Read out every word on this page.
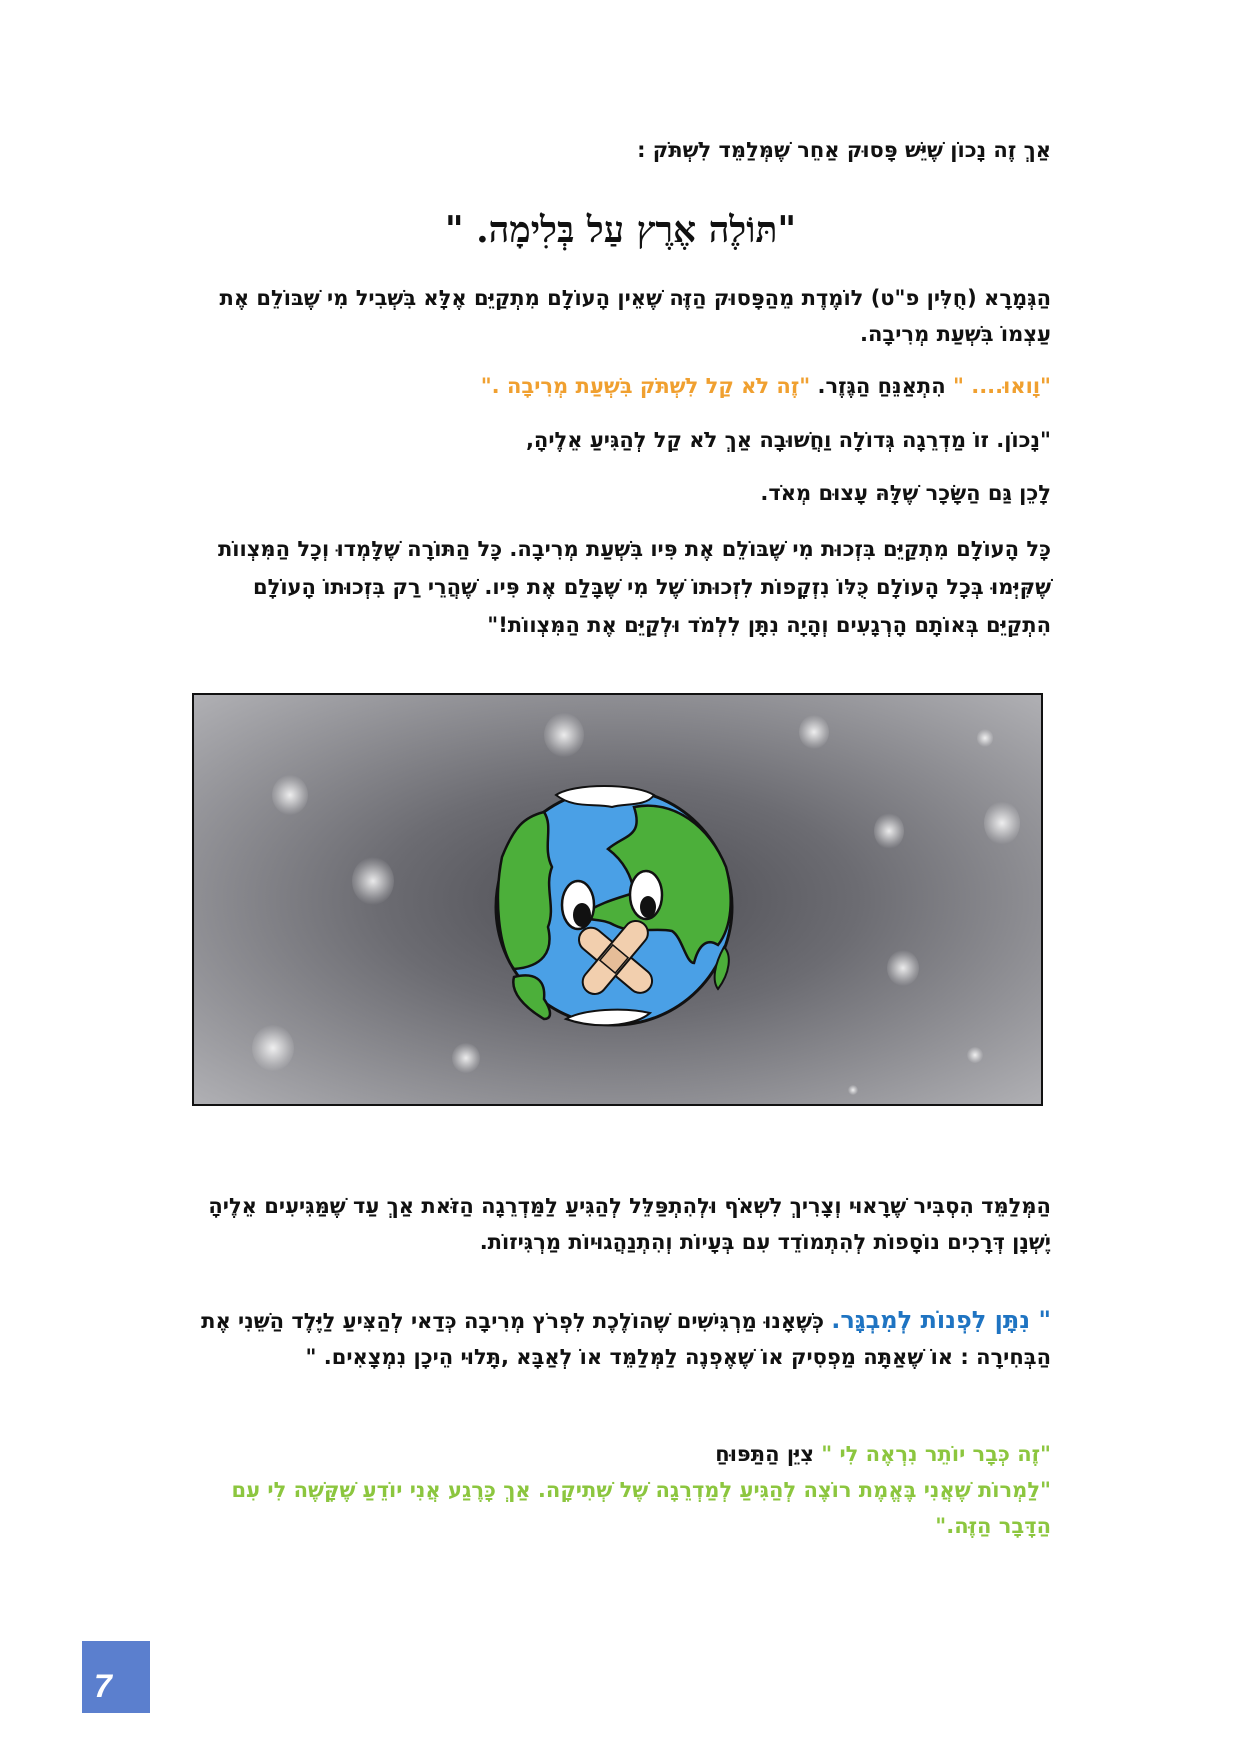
אַךְ זֶה נָכוֹן שֶׁיֵּשׁ פָּסוּק אַחֵר שֶׁמְּלַמֵּד לִשְׁתֹּק :
"תּוֹלֶה אֶרֶץ עַל בְּלִימָה. "
הַגְּמָרָא (חֻלִּין פ"ט) לוֹמֶדֶת מֵהַפָּסוּק הַזֶּה שֶׁאֵין הָעוֹלָם מִתְקַיֵּם אֶלָּא בִּשְׁבִיל מִי שֶׁבּוֹלֵם אֶת עַצְמוֹ בִּשְׁעַת מְרִיבָה.
"וָואוּ.... " הִתְאַנֵּחַ הַגֶּזֶר. "זֶה לֹא קַל לִשְׁתֹּק בִּשְׁעַת מְרִיבָה ."
"נָכוֹן. זוֹ מַדְרֵגָה גְּדוֹלָה וַחֲשׁוּבָה אַךְ לֹא קַל לְהַגִּיעַ אֵלֶיהָ,
לָכֵן גַּם הַשָּׂכָר שֶׁלָּהּ עָצוּם מְאֹד.
כָּל הָעוֹלָם מִתְקַיֵּם בִּזְכוּת מִי שֶׁבּוֹלֵם אֶת פִּיו בִּשְׁעַת מְרִיבָה. כָּל הַתּוֹרָה שֶׁלָּמְדוּ וְכָל הַמִּצְווֹת שֶׁקִּיְּמוּ בְּכָל הָעוֹלָם כֻּלּוֹ נִזְקָפוֹת לִזְכוּתוֹ שֶׁל מִי שֶׁבָּלַם אֶת פִּיו. שֶׁהֲרֵי רַק בִּזְכוּתוֹ הָעוֹלָם הִתְקַיֵּם בְּאוֹתָם הָרְגָעִים וְהָיָה נִתָּן לִלְמֹד וּלְקַיֵּם אֶת הַמִּצְווֹת!"
הַמְּלַמֵּד הִסְבִּיר שֶׁרָאוּי וְצָרִיךְ לִשְׁאֹף וּלְהִתְפַּלֵּל לְהַגִּיעַ לַמַּדְרֵגָה הַזֹּאת אַךְ עַד שֶׁמַּגִּיעִים אֵלֶיהָ יֶשְׁנָן דְּרָכִים נוֹסָפוֹת לְהִתְמוֹדֵד עִם בְּעָיוֹת וְהִתְנַהֲגוּיוֹת מַרְגִּיזוֹת.
" נִתָּן לִפְנוֹת לְמִבְגָּר. כְּשֶׁאָנוּ מַרְגִּישִׁים שֶׁהוֹלֶכֶת לִפְרֹץ מְרִיבָה כְּדַאי לְהַצִּיעַ לַיֶּלֶד הַשֵּׁנִי אֶת הַבְּחִירָה : אוֹ שֶׁאַתָּה מַפְסִיק אוֹ שֶׁאֶפְנֶה לַמְּלַמֵּד אוֹ לְאַבָּא ,תָּלוּי הֵיכָן נִמְצָאִים. "
"זֶה כְּבָר יוֹתֵר נִרְאֶה לִי " צִיֵּן הַתַּפּוּחַ
"לַמְרוֹת שֶׁאֲנִי בֶּאֱמֶת רוֹצֶה לְהַגִּיעַ לְמַדְרֵגָה שֶׁל שְׁתִיקָה. אַךְ כָּרֶגַע אֲנִי יוֹדֵעַ שֶׁקָּשֶׁה לִי עִם הַדָּבָר הַזֶּה."
7
